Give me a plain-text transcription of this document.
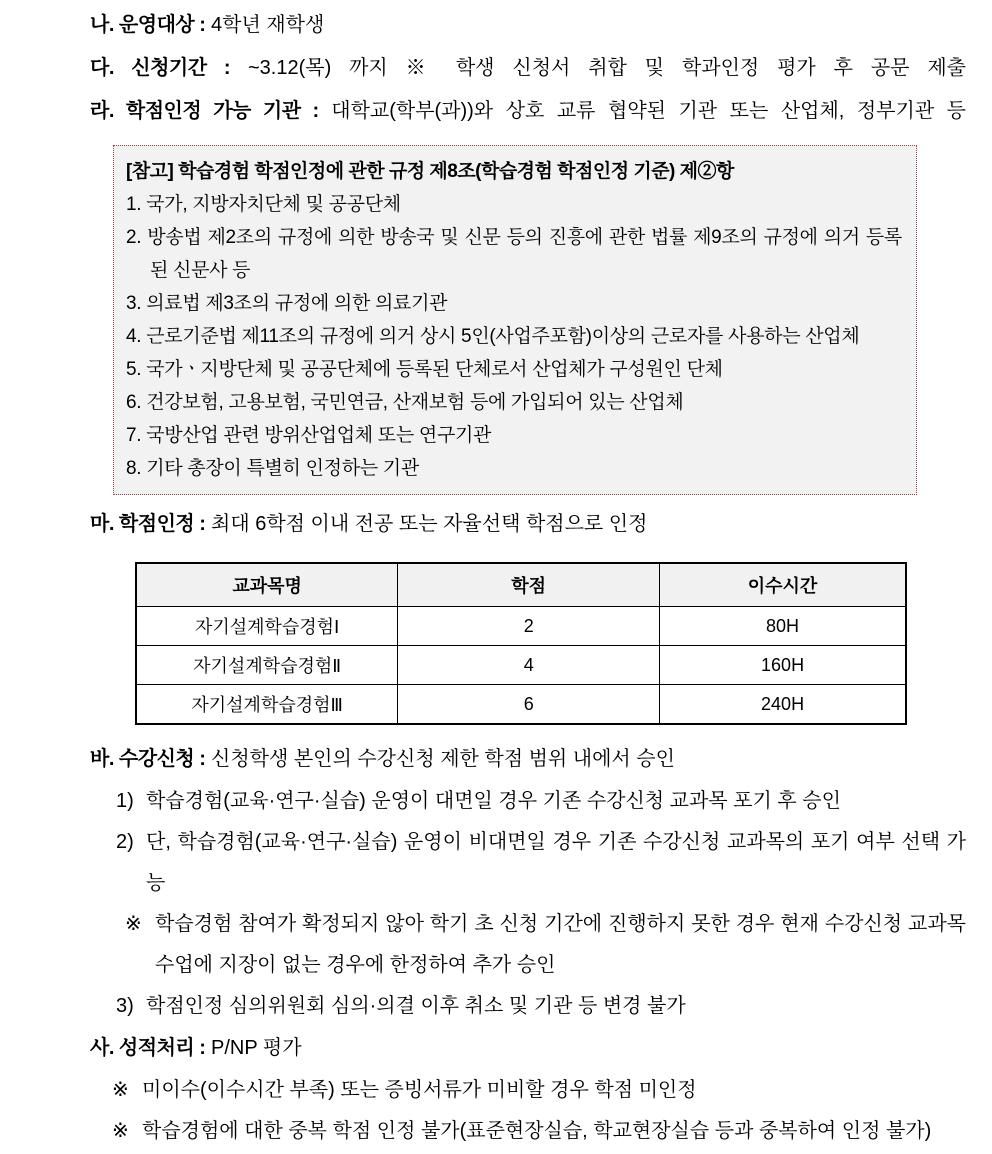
나. 운영대상 : 4학년 재학생
다. 신청기간 : ~3.12(목) 까지 ※ 학생 신청서 취합 및 학과인정 평가 후 공문 제출
라. 학점인정 가능 기관 : 대학교(학부(과))와 상호 교류 협약된 기관 또는 산업체, 정부기관 등
[참고] 학습경험 학점인정에 관한 규정 제8조(학습경험 학점인정 기준) 제②항
1. 국가, 지방자치단체 및 공공단체
2. 방송법 제2조의 규정에 의한 방송국 및 신문 등의 진흥에 관한 법률 제9조의 규정에 의거 등록된 신문사 등
3. 의료법 제3조의 규정에 의한 의료기관
4. 근로기준법 제11조의 규정에 의거 상시 5인(사업주포함)이상의 근로자를 사용하는 산업체
5. 국가ㆍ지방단체 및 공공단체에 등록된 단체로서 산업체가 구성원인 단체
6. 건강보험, 고용보험, 국민연금, 산재보험 등에 가입되어 있는 산업체
7. 국방산업 관련 방위산업업체 또는 연구기관
8. 기타 총장이 특별히 인정하는 기관
마. 학점인정 : 최대 6학점 이내 전공 또는 자율선택 학점으로 인정
교과목명	학점	이수시간
자기설계학습경험Ⅰ	2	80H
자기설계학습경험Ⅱ	4	160H
자기설계학습경험Ⅲ	6	240H
바. 수강신청 : 신청학생 본인의 수강신청 제한 학점 범위 내에서 승인
1) 학습경험(교육·연구·실습) 운영이 대면일 경우 기존 수강신청 교과목 포기 후 승인
2) 단, 학습경험(교육·연구·실습) 운영이 비대면일 경우 기존 수강신청 교과목의 포기 여부 선택 가능
※ 학습경험 참여가 확정되지 않아 학기 초 신청 기간에 진행하지 못한 경우 현재 수강신청 교과목 수업에 지장이 없는 경우에 한정하여 추가 승인
3) 학점인정 심의위원회 심의·의결 이후 취소 및 기관 등 변경 불가
사. 성적처리 : P/NP 평가
※ 미이수(이수시간 부족) 또는 증빙서류가 미비할 경우 학점 미인정
※ 학습경험에 대한 중복 학점 인정 불가(표준현장실습, 학교현장실습 등과 중복하여 인정 불가)
